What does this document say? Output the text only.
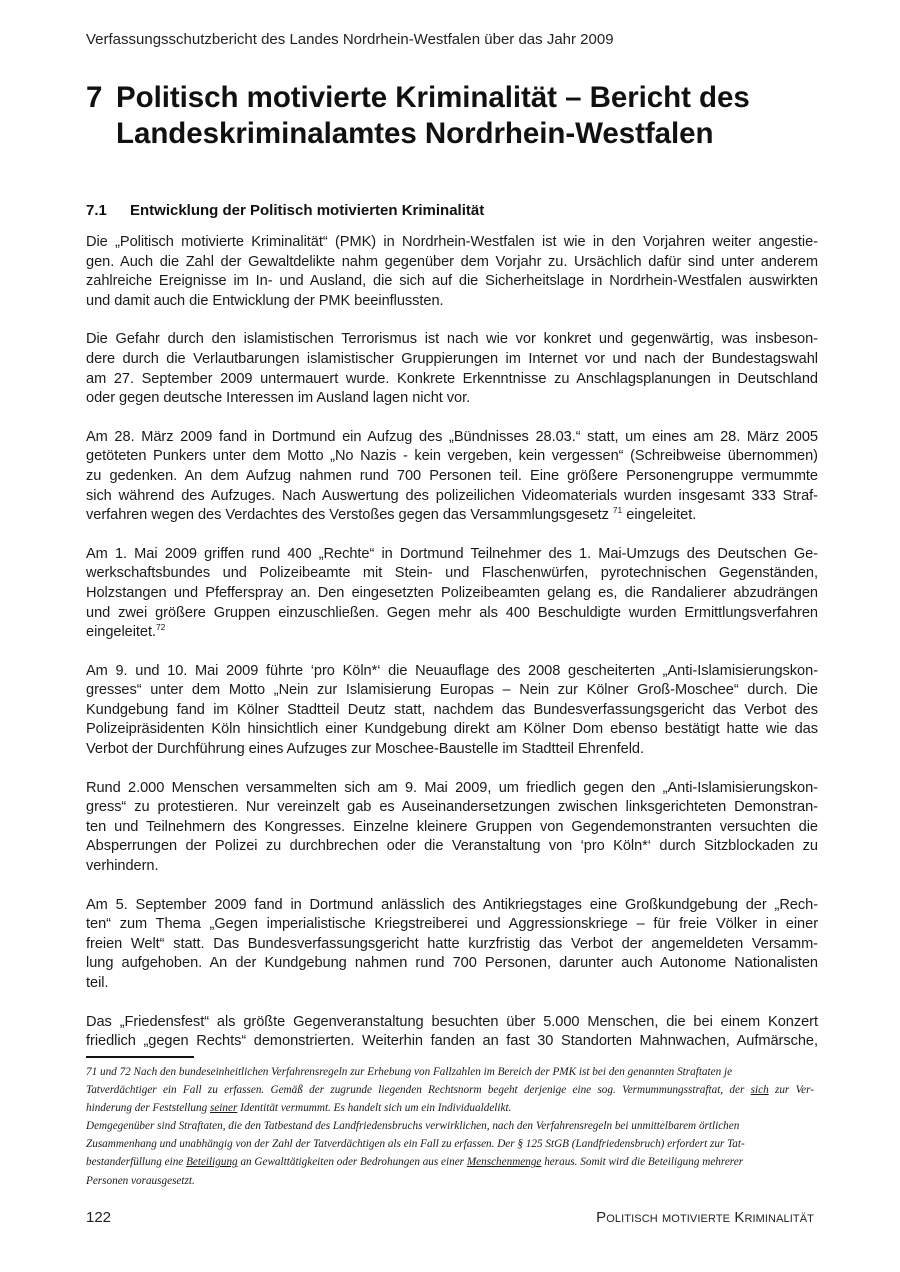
Verfassungsschutzbericht des Landes Nordrhein-Westfalen über das Jahr 2009
7 Politisch motivierte Kriminalität – Bericht des
Landeskriminalamtes Nordrhein-Westfalen
7.1 Entwicklung der Politisch motivierten Kriminalität
Die „Politisch motivierte Kriminalität“ (PMK) in Nordrhein-Westfalen ist wie in den Vorjahren weiter angestie-
gen. Auch die Zahl der Gewaltdelikte nahm gegenüber dem Vorjahr zu. Ursächlich dafür sind unter anderem
zahlreiche Ereignisse im In- und Ausland, die sich auf die Sicherheitslage in Nordrhein-Westfalen auswirkten
und damit auch die Entwicklung der PMK beeinflussten.
Die Gefahr durch den islamistischen Terrorismus ist nach wie vor konkret und gegenwärtig, was insbeson-
dere durch die Verlautbarungen islamistischer Gruppierungen im Internet vor und nach der Bundestagswahl
am 27. September 2009 untermauert wurde. Konkrete Erkenntnisse zu Anschlagsplanungen in Deutschland
oder gegen deutsche Interessen im Ausland lagen nicht vor.
Am 28. März 2009 fand in Dortmund ein Aufzug des „Bündnisses 28.03.“ statt, um eines am 28. März 2005
getöteten Punkers unter dem Motto „No Nazis - kein vergeben, kein vergessen“ (Schreibweise übernommen)
zu gedenken. An dem Aufzug nahmen rund 700 Personen teil. Eine größere Personengruppe vermummte
sich während des Aufzuges. Nach Auswertung des polizeilichen Videomaterials wurden insgesamt 333 Straf-
verfahren wegen des Verdachtes des Verstoßes gegen das Versammlungsgesetz $^{71}$ eingeleitet.
Am 1. Mai 2009 griffen rund 400 „Rechte“ in Dortmund Teilnehmer des 1. Mai-Umzugs des Deutschen Ge-
werkschaftsbundes und Polizeibeamte mit Stein- und Flaschenwürfen, pyrotechnischen Gegenständen,
Holzstangen und Pfefferspray an. Den eingesetzten Polizeibeamten gelang es, die Randalierer abzudrängen
und zwei größere Gruppen einzuschließen. Gegen mehr als 400 Beschuldigte wurden Ermittlungsverfahren
eingeleitet.$^{72}$
Am 9. und 10. Mai 2009 führte ‘pro Köln*‘ die Neuauflage des 2008 gescheiterten „Anti-Islamisierungskon-
gresses“ unter dem Motto „Nein zur Islamisierung Europas – Nein zur Kölner Groß-Moschee“ durch. Die
Kundgebung fand im Kölner Stadtteil Deutz statt, nachdem das Bundesverfassungsgericht das Verbot des
Polizeipräsidenten Köln hinsichtlich einer Kundgebung direkt am Kölner Dom ebenso bestätigt hatte wie das
Verbot der Durchführung eines Aufzuges zur Moschee-Baustelle im Stadtteil Ehrenfeld.
Rund 2.000 Menschen versammelten sich am 9. Mai 2009, um friedlich gegen den „Anti-Islamisierungskon-
gress“ zu protestieren. Nur vereinzelt gab es Auseinandersetzungen zwischen linksgerichteten Demonstran-
ten und Teilnehmern des Kongresses. Einzelne kleinere Gruppen von Gegendemonstranten versuchten die
Absperrungen der Polizei zu durchbrechen oder die Veranstaltung von ‘pro Köln*‘ durch Sitzblockaden zu
verhindern.
Am 5. September 2009 fand in Dortmund anlässlich des Antikriegstages eine Großkundgebung der „Rech-
ten“ zum Thema „Gegen imperialistische Kriegstreiberei und Aggressionskriege – für freie Völker in einer
freien Welt“ statt. Das Bundesverfassungsgericht hatte kurzfristig das Verbot der angemeldeten Versamm-
lung aufgehoben. An der Kundgebung nahmen rund 700 Personen, darunter auch Autonome Nationalisten
teil.
Das „Friedensfest“ als größte Gegenveranstaltung besuchten über 5.000 Menschen, die bei einem Konzert
friedlich „gegen Rechts“ demonstrierten. Weiterhin fanden an fast 30 Standorten Mahnwachen, Aufmärsche,
71 und 72 Nach den bundeseinheitlichen Verfahrensregeln zur Erhebung von Fallzahlen im Bereich der PMK ist bei den genannten Straftaten je
Tatverdächtiger ein Fall zu erfassen. Gemäß der zugrunde liegenden Rechtsnorm begeht derjenige eine sog. Vermummungsstraftat, der sich zur Ver-
hinderung der Feststellung seiner Identität vermummt. Es handelt sich um ein Individualdelikt.
Demgegenüber sind Straftaten, die den Tatbestand des Landfriedensbruchs verwirklichen, nach den Verfahrensregeln bei unmittelbarem örtlichen
Zusammenhang und unabhängig von der Zahl der Tatverdächtigen als ein Fall zu erfassen. Der § 125 StGB (Landfriedensbruch) erfordert zur Tat-
bestanderfüllung eine Beteiligung an Gewalttätigkeiten oder Bedrohungen aus einer Menschenmenge heraus. Somit wird die Beteiligung mehrerer
Personen vorausgesetzt.
122	Politisch motivierte Kriminalität
